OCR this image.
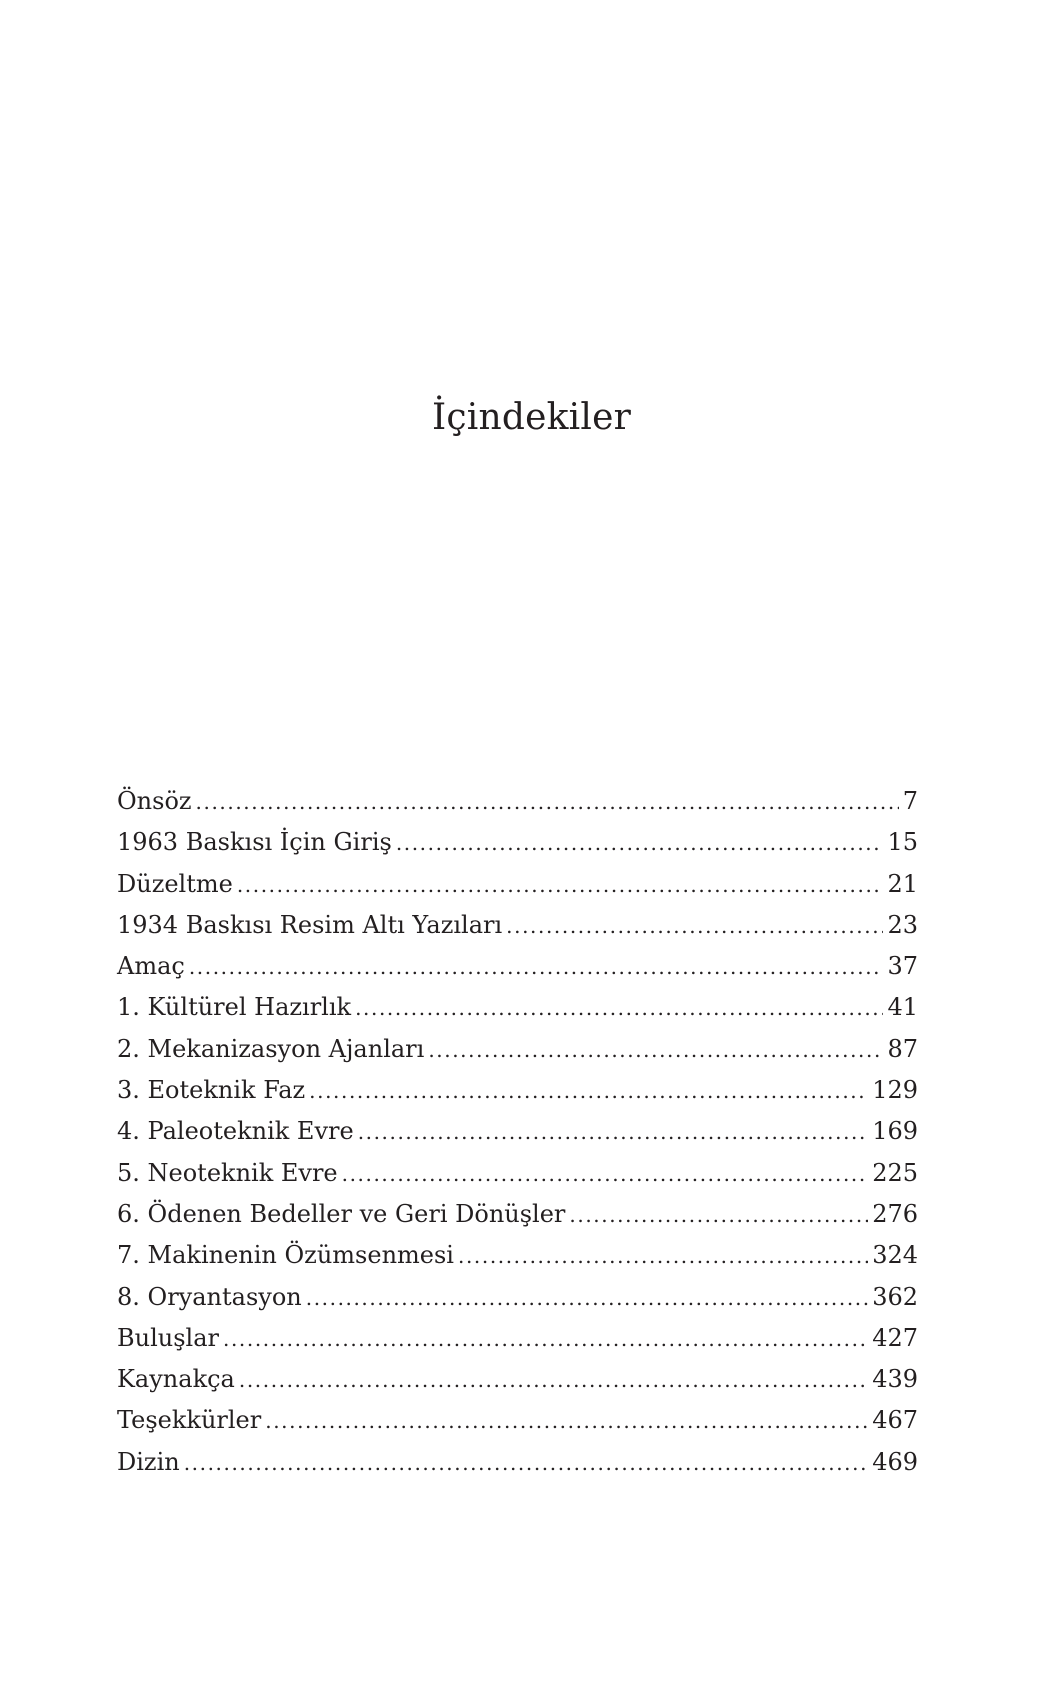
İçindekiler
Önsöz .....	7
1963 Baskısı İçin Giriş .....	15
Düzeltme .....	21
1934 Baskısı Resim Altı Yazıları .....	23
Amaç .....	37
1. Kültürel Hazırlık .....	41
2. Mekanizasyon Ajanları .....	87
3. Eoteknik Faz .....	129
4. Paleoteknik Evre .....	169
5. Neoteknik Evre .....	225
6. Ödenen Bedeller ve Geri Dönüşler .....	276
7. Makinenin Özümsenmesi .....	324
8. Oryantasyon .....	362
Buluşlar .....	427
Kaynakça .....	439
Teşekkürler .....	467
Dizin .....	469
